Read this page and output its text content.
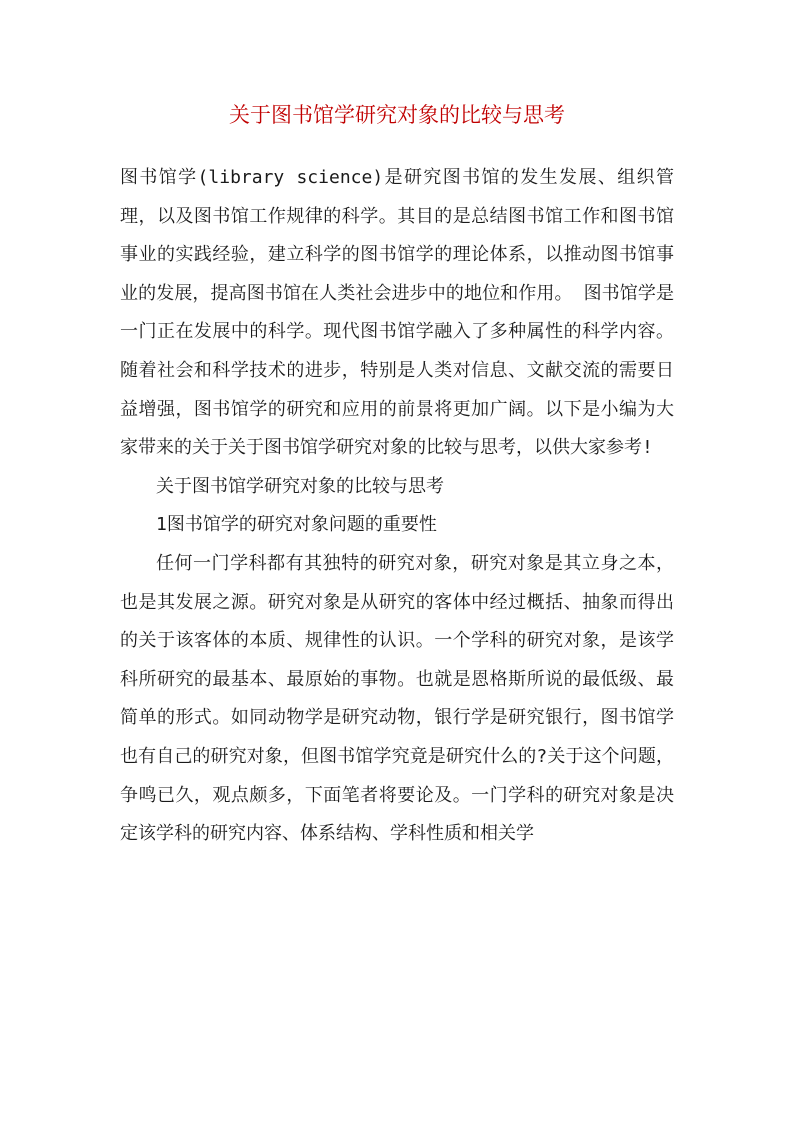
关于图书馆学研究对象的比较与思考

图书馆学(library science)是研究图书馆的发生发展、组织管理，以及图书馆工作规律的科学。其目的是总结图书馆工作和图书馆事业的实践经验，建立科学的图书馆学的理论体系，以推动图书馆事业的发展，提高图书馆在人类社会进步中的地位和作用。 图书馆学是一门正在发展中的科学。现代图书馆学融入了多种属性的科学内容。随着社会和科学技术的进步，特别是人类对信息、文献交流的需要日益增强，图书馆学的研究和应用的前景将更加广阔。以下是小编为大家带来的关于关于图书馆学研究对象的比较与思考，以供大家参考!

关于图书馆学研究对象的比较与思考

1图书馆学的研究对象问题的重要性

任何一门学科都有其独特的研究对象，研究对象是其立身之本，也是其发展之源。研究对象是从研究的客体中经过概括、抽象而得出的关于该客体的本质、规律性的认识。一个学科的研究对象，是该学科所研究的最基本、最原始的事物。也就是恩格斯所说的最低级、最简单的形式。如同动物学是研究动物，银行学是研究银行，图书馆学也有自己的研究对象，但图书馆学究竟是研究什么的?关于这个问题，争鸣已久，观点颇多，下面笔者将要论及。一门学科的研究对象是决定该学科的研究内容、体系结构、学科性质和相关学
